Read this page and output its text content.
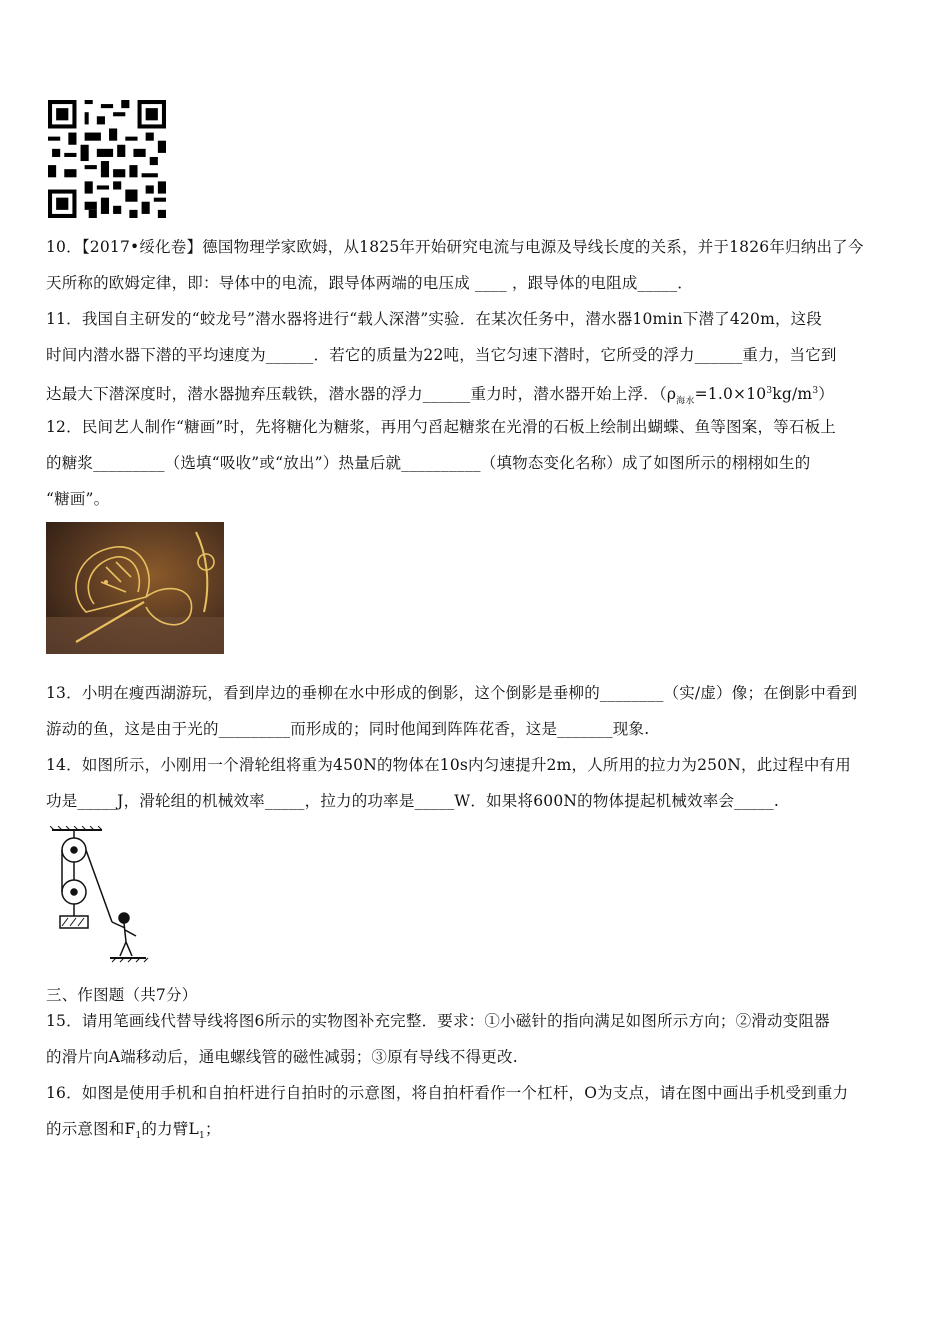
10．【2017•绥化卷】德国物理学家欧姆，从1825年开始研究电流与电源及导线长度的关系，并于1826年归纳出了今
天所称的欧姆定律，即：导体中的电流，跟导体两端的电压成 ____ ，跟导体的电阻成_____．
11．我国自主研发的“蛟龙号”潜水器将进行“载人深潜”实验．在某次任务中，潜水器10min下潜了420m，这段
时间内潜水器下潜的平均速度为______．若它的质量为22吨，当它匀速下潜时，它所受的浮力______重力，当它到
达最大下潜深度时，潜水器抛弃压载铁，潜水器的浮力______重力时，潜水器开始上浮．$(\rho_{海水}=1.0\times 10^3kg/m^3)$
12．民间艺人制作“糖画”时，先将糖化为糖浆，再用勺舀起糖浆在光滑的石板上绘制出蝴蝶、鱼等图案，等石板上
的糖浆_________（选填“吸收”或“放出”）热量后就__________（填物态变化名称）成了如图所示的栩栩如生的
“糖画”。
13．小明在瘦西湖游玩，看到岸边的垂柳在水中形成的倒影，这个倒影是垂柳的________（实/虚）像；在倒影中看到
游动的鱼，这是由于光的_________而形成的；同时他闻到阵阵花香，这是_______现象.
14．如图所示，小刚用一个滑轮组将重为450N的物体在10s内匀速提升2m，人所用的拉力为250N，此过程中有用
功是_____J，滑轮组的机械效率_____，拉力的功率是_____W．如果将600N的物体提起机械效率会_____.
三、作图题（共7分）
15．请用笔画线代替导线将图6所示的实物图补充完整．要求：①小磁针的指向满足如图所示方向；②滑动变阻器
的滑片向A端移动后，通电螺线管的磁性减弱；③原有导线不得更改.
16．如图是使用手机和自拍杆进行自拍时的示意图，将自拍杆看作一个杠杆，O为支点，请在图中画出手机受到重力
的示意图和$F_1$的力臂$L_1$；
